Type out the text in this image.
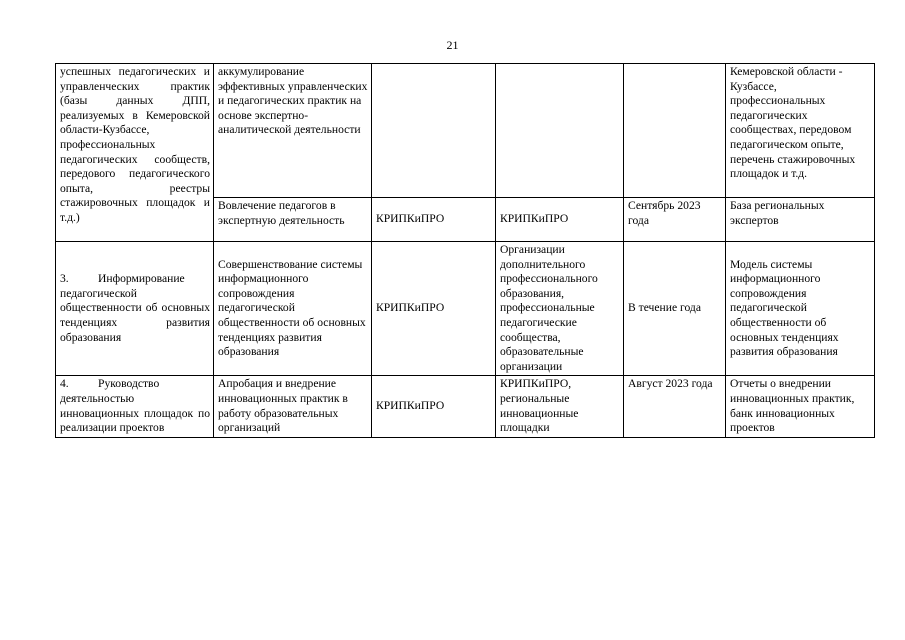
21
успешных педагогических и управленческих практик (базы данных ДПП, реализуемых в Кемеровской области-Кузбассе, профессиональных педагогических сообществ, передового педагогического опыта, реестры стажировочных площадок и т.д.)	аккумулирование эффективных управленческих и педагогических практик на основе экспертно-аналитической деятельности				Кемеровской области - Кузбассе, профессиональных педагогических сообществах, передовом педагогическом опыте, перечень стажировочных площадок и т.д.
	Вовлечение педагогов в экспертную деятельность	КРИПКиПРО	КРИПКиПРО	Сентябрь 2023 года	База региональных экспертов
3. Информирование педагогической общественности об основных тенденциях развития образования	Совершенствование системы информационного сопровождения педагогической общественности об основных тенденциях развития образования	КРИПКиПРО	Организации дополнительного профессионального образования, профессиональные педагогические сообщества, образовательные организации	В течение года	Модель системы информационного сопровождения педагогической общественности об основных тенденциях развития образования
4. Руководство деятельностью инновационных площадок по реализации проектов	Апробация и внедрение инновационных практик в работу образовательных организаций	КРИПКиПРО	КРИПКиПРО, региональные инновационные площадки	Август 2023 года	Отчеты о внедрении инновационных практик, банк инновационных проектов
